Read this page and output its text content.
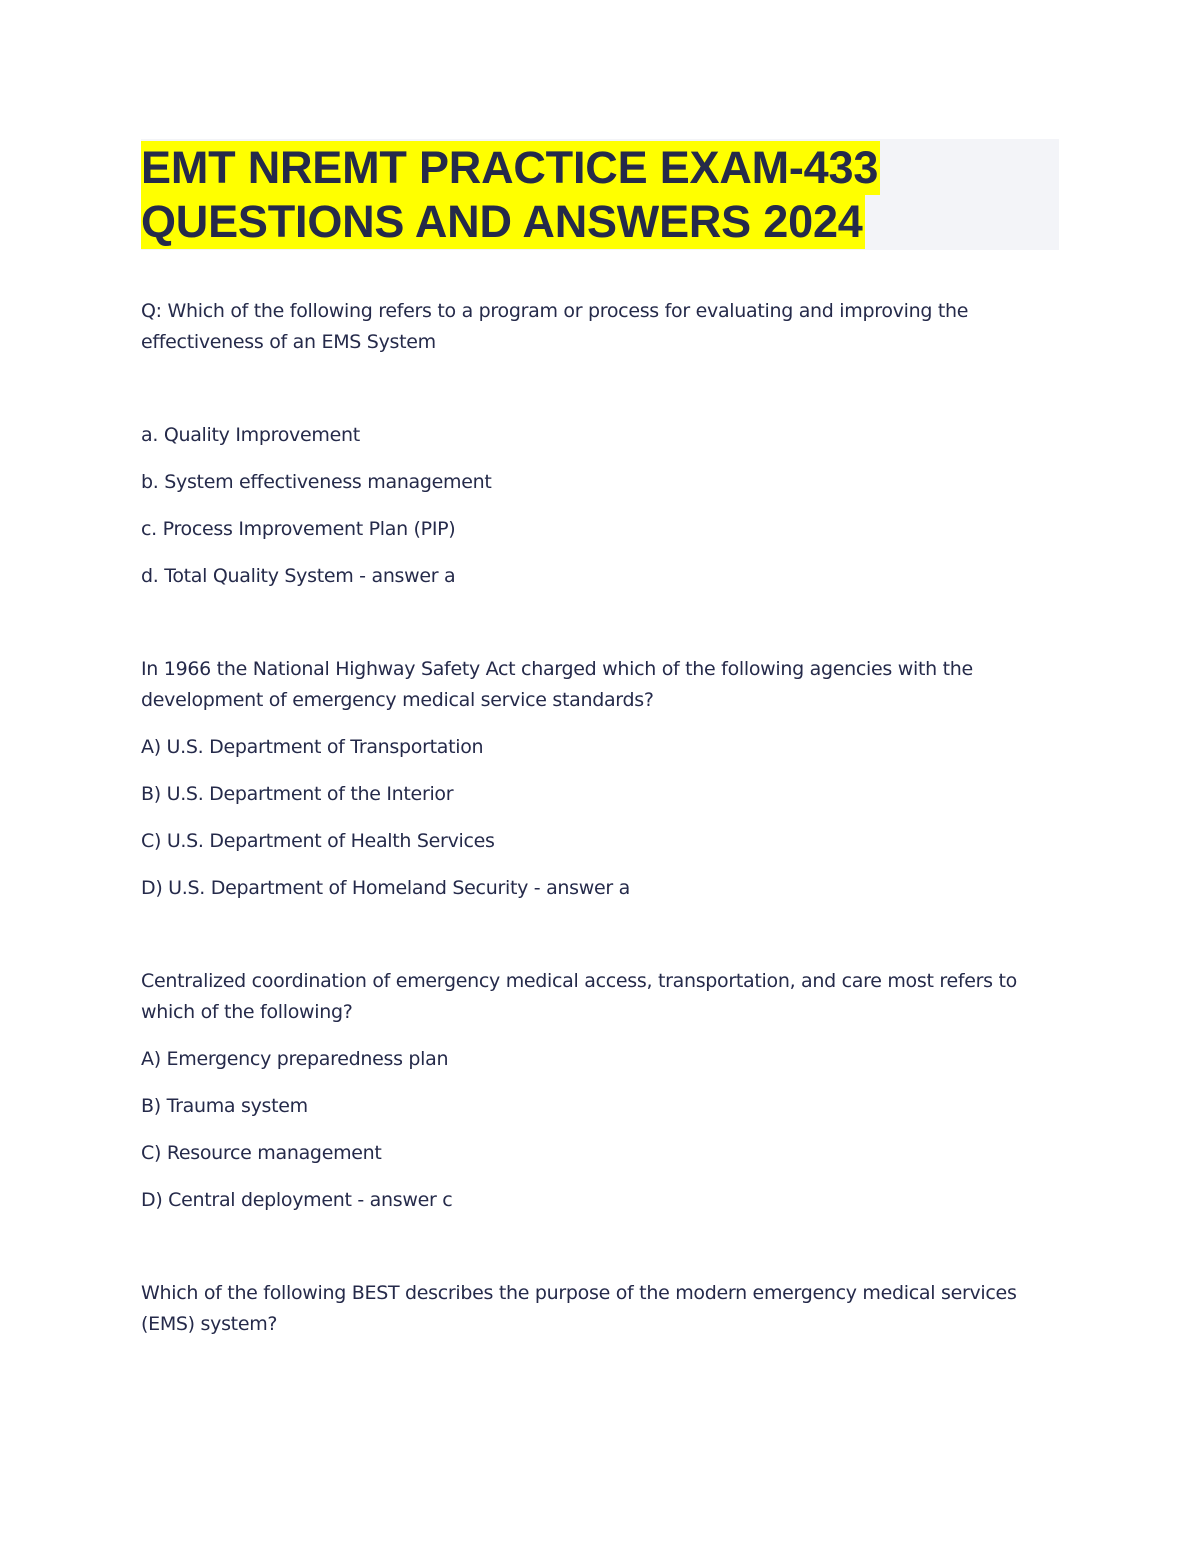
EMT NREMT PRACTICE EXAM-433
QUESTIONS AND ANSWERS 2024

Q: Which of the following refers to a program or process for evaluating and improving the effectiveness of an EMS System

a. Quality Improvement

b. System effectiveness management

c. Process Improvement Plan (PIP)

d. Total Quality System - answer a

In 1966 the National Highway Safety Act charged which of the following agencies with the development of emergency medical service standards?

A) U.S. Department of Transportation

B) U.S. Department of the Interior

C) U.S. Department of Health Services

D) U.S. Department of Homeland Security - answer a

Centralized coordination of emergency medical access, transportation, and care most refers to which of the following?

A) Emergency preparedness plan

B) Trauma system

C) Resource management

D) Central deployment - answer c

Which of the following BEST describes the purpose of the modern emergency medical services (EMS) system?
